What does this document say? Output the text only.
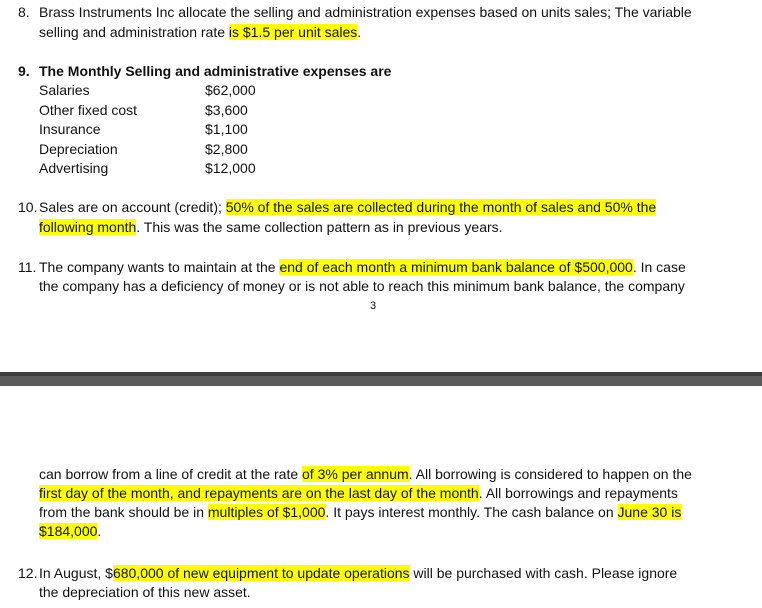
8. Brass Instruments Inc allocate the selling and administration expenses based on units sales; The variable
selling and administration rate is $1.5 per unit sales.
9. The Monthly Selling and administrative expenses are
Salaries	$62,000
Other fixed cost	$3,600
Insurance	$1,100
Depreciation	$2,800
Advertising	$12,000
10. Sales are on account (credit); 50% of the sales are collected during the month of sales and 50% the
following month. This was the same collection pattern as in previous years.
11. The company wants to maintain at the end of each month a minimum bank balance of $500,000. In case
the company has a deficiency of money or is not able to reach this minimum bank balance, the company
3
can borrow from a line of credit at the rate of 3% per annum. All borrowing is considered to happen on the
first day of the month, and repayments are on the last day of the month. All borrowings and repayments
from the bank should be in multiples of $1,000. It pays interest monthly. The cash balance on June 30 is
$184,000.
12. In August, $680,000 of new equipment to update operations will be purchased with cash. Please ignore
the depreciation of this new asset.
